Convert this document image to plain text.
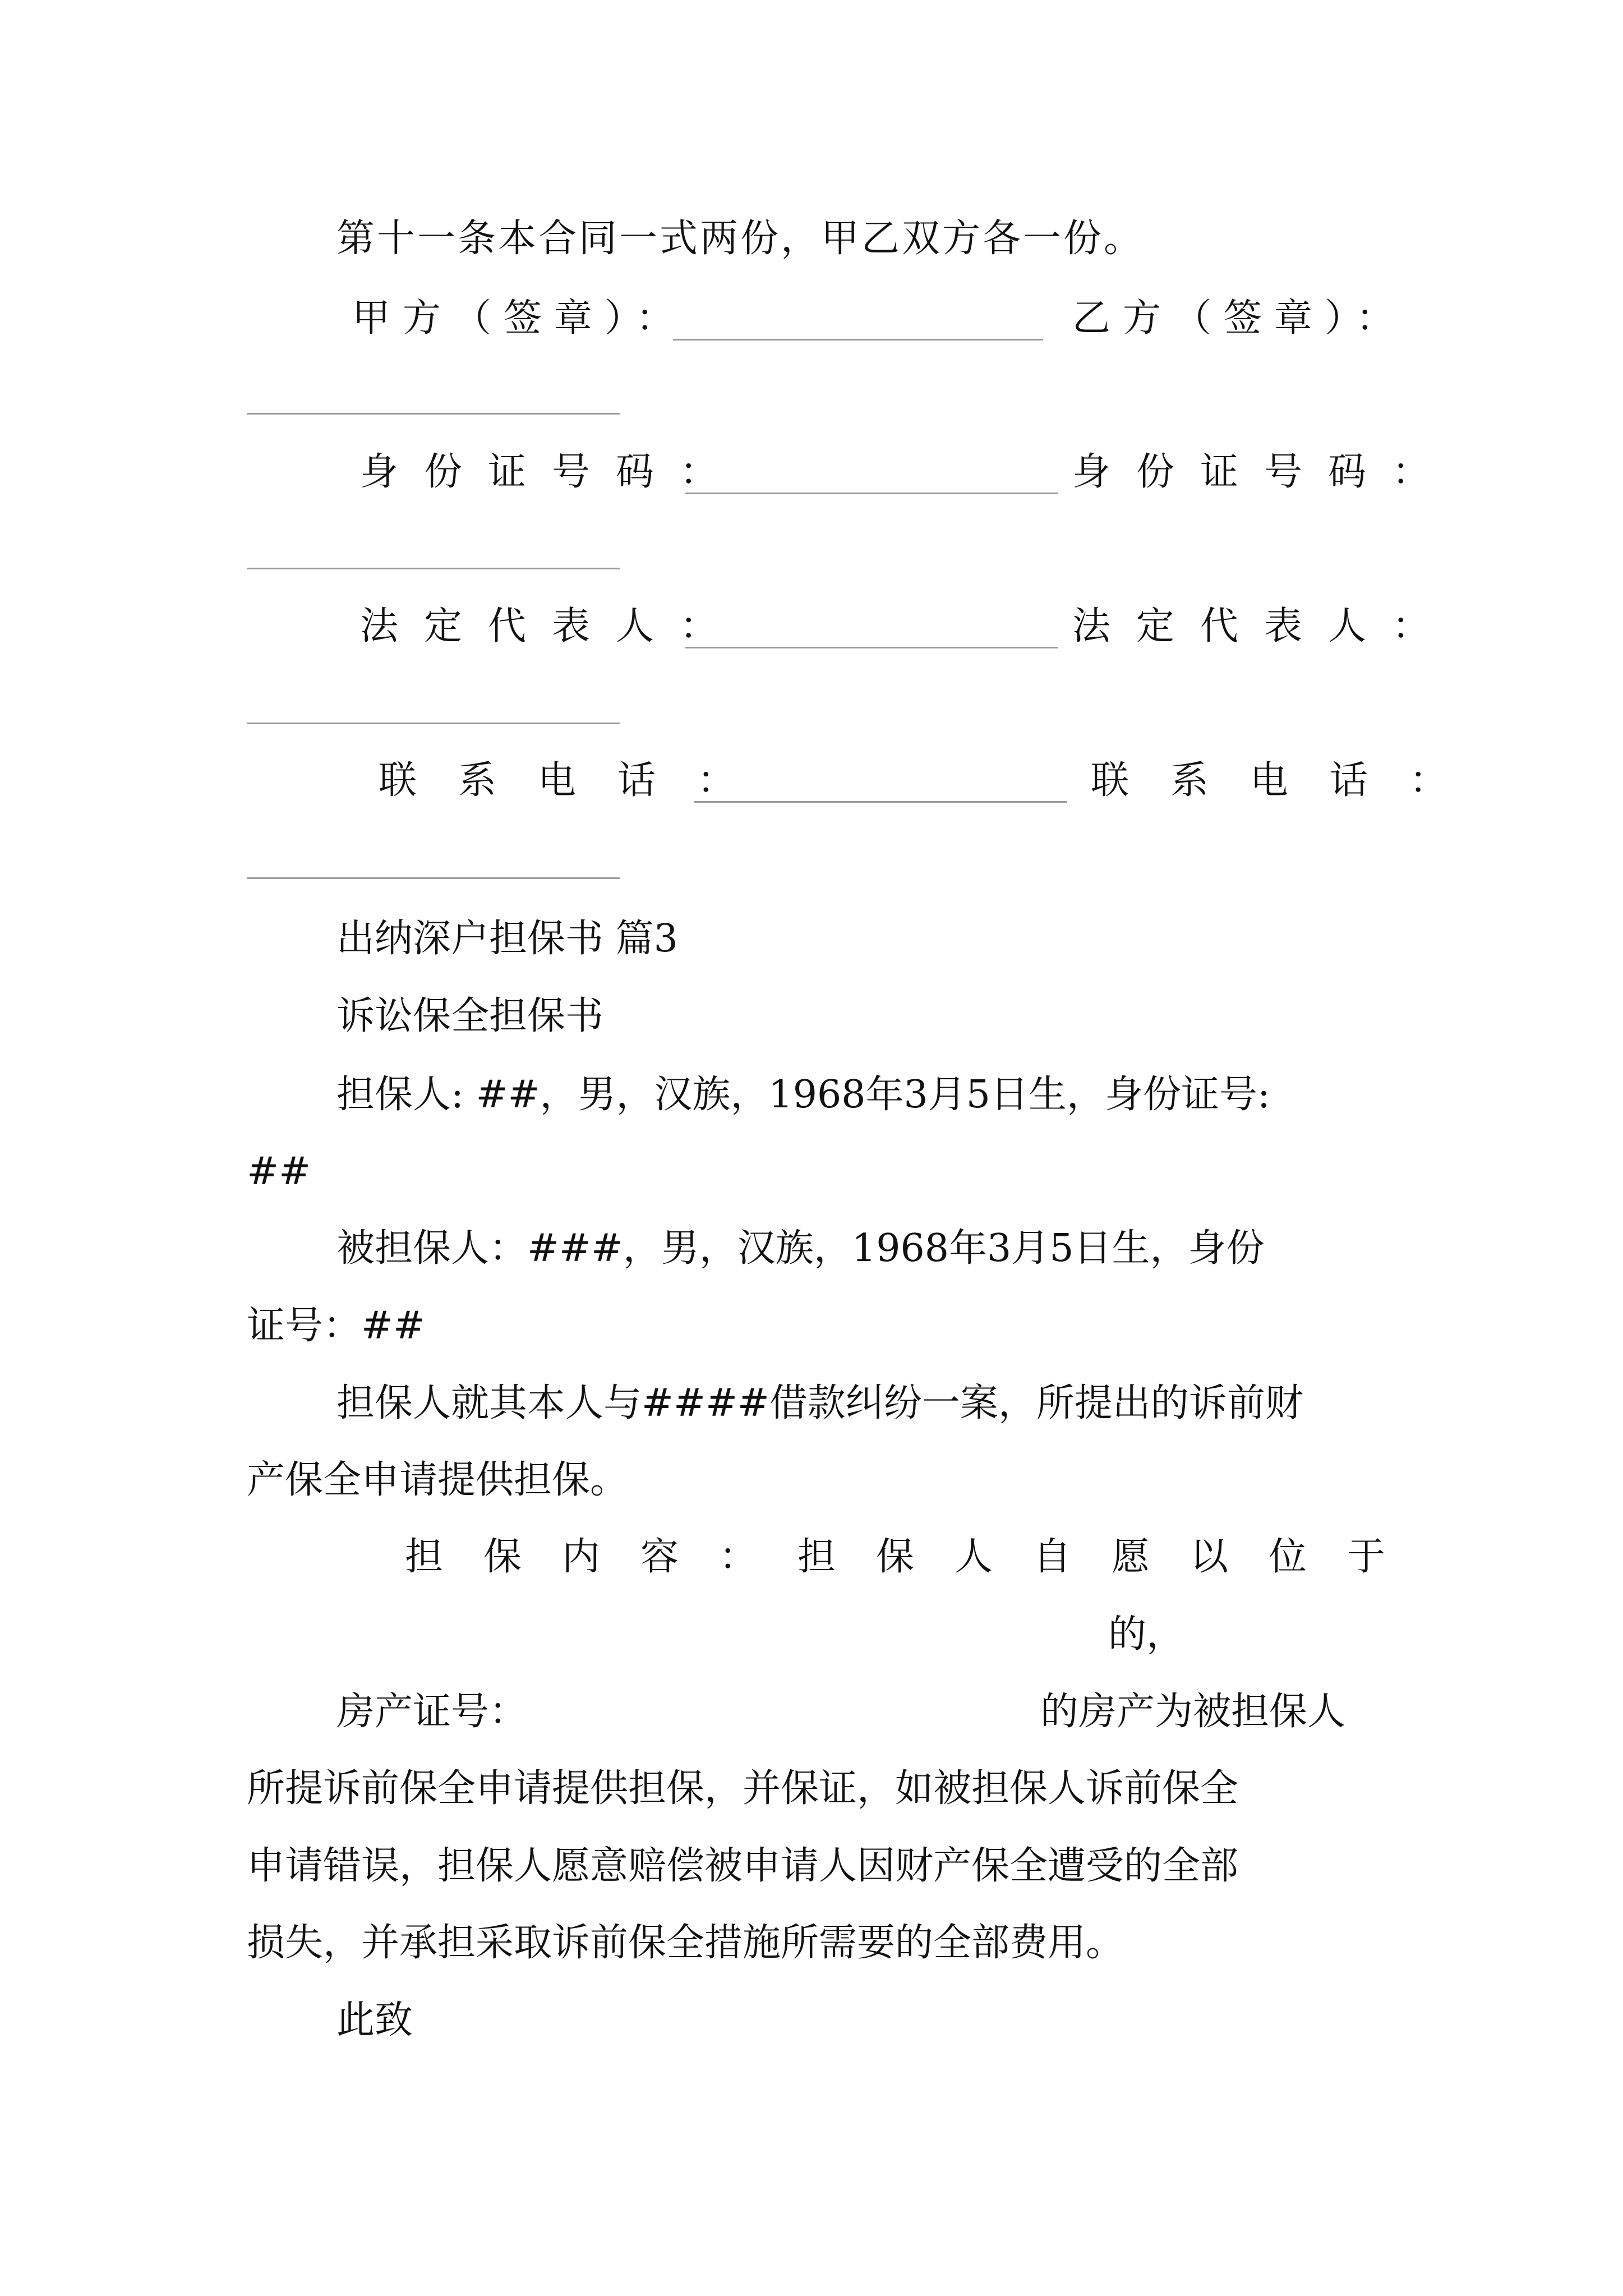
第十一条本合同一式两份，甲乙双方各一份。
甲方（签章）：	乙方（签章）：
身份证号码：	身份证号码：
法定代表人：	法定代表人：
联系电话：	联系电话：
出纳深户担保书 篇3
诉讼保全担保书
担保人: ##，男，汉族，1968年3月5日生，身份证号:
##
被担保人：###，男，汉族，1968年3月5日生，身份
证号：##
担保人就其本人与####借款纠纷一案，所提出的诉前财
产保全申请提供担保。
担保内容：担保人自愿以位于
的，
房产证号：	的房产为被担保人
所提诉前保全申请提供担保，并保证，如被担保人诉前保全
申请错误，担保人愿意赔偿被申请人因财产保全遭受的全部
损失，并承担采取诉前保全措施所需要的全部费用。
此致
